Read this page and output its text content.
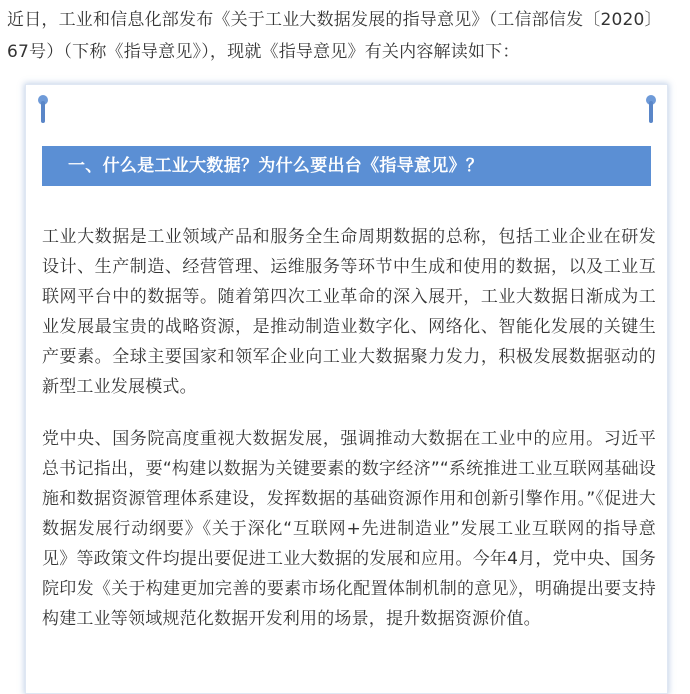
近日，工业和信息化部发布《关于工业大数据发展的指导意见》（工信部信发〔2020〕67号）（下称《指导意见》），现就《指导意见》有关内容解读如下：

一、什么是工业大数据？为什么要出台《指导意见》？

工业大数据是工业领域产品和服务全生命周期数据的总称，包括工业企业在研发设计、生产制造、经营管理、运维服务等环节中生成和使用的数据，以及工业互联网平台中的数据等。随着第四次工业革命的深入展开，工业大数据日渐成为工业发展最宝贵的战略资源，是推动制造业数字化、网络化、智能化发展的关键生产要素。全球主要国家和领军企业向工业大数据聚力发力，积极发展数据驱动的新型工业发展模式。

党中央、国务院高度重视大数据发展，强调推动大数据在工业中的应用。习近平总书记指出，要“构建以数据为关键要素的数字经济”“系统推进工业互联网基础设施和数据资源管理体系建设，发挥数据的基础资源作用和创新引擎作用。”《促进大数据发展行动纲要》《关于深化“互联网+先进制造业”发展工业互联网的指导意见》等政策文件均提出要促进工业大数据的发展和应用。今年4月，党中央、国务院印发《关于构建更加完善的要素市场化配置体制机制的意见》，明确提出要支持构建工业等领域规范化数据开发利用的场景，提升数据资源价值。
